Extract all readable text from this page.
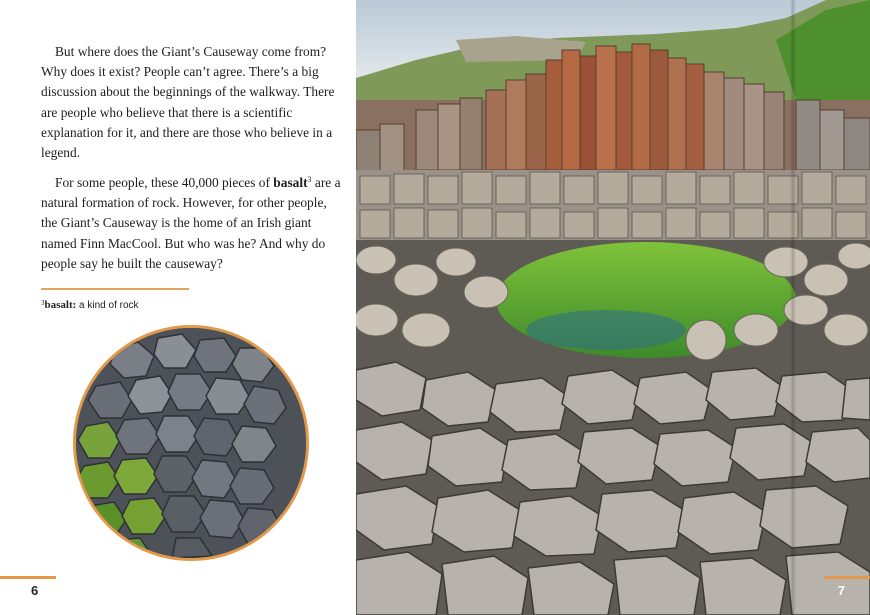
But where does the Giant’s Causeway come from? Why does it exist? People can’t agree. There’s a big discussion about the beginnings of the walkway. There are people who believe that there is a scientific explanation for it, and there are those who believe in a legend.

For some people, these 40,000 pieces of basalt$^3$ are a natural formation of rock. However, for other people, the Giant’s Causeway is the home of an Irish giant named Finn MacCool. But who was he? And why do people say he built the causeway?

$^3$basalt: a kind of rock

6	7
